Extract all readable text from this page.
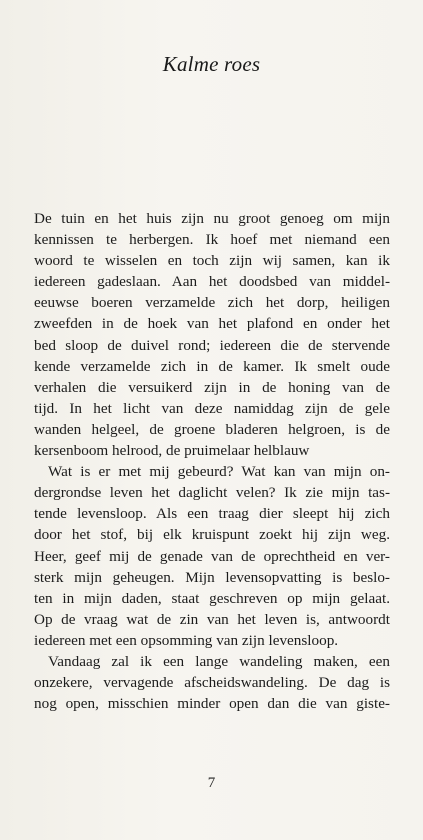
Kalme roes
De tuin en het huis zijn nu groot genoeg om mijn
kennissen te herbergen. Ik hoef met niemand een
woord te wisselen en toch zijn wij samen, kan ik
iedereen gadeslaan. Aan het doodsbed van middel-
eeuwse boeren verzamelde zich het dorp, heiligen
zweefden in de hoek van het plafond en onder het
bed sloop de duivel rond; iedereen die de stervende
kende verzamelde zich in de kamer. Ik smelt oude
verhalen die versuikerd zijn in de honing van de
tijd. In het licht van deze namiddag zijn de gele
wanden helgeel, de groene bladeren helgroen, is de
kersenboom helrood, de pruimelaar helblauw
Wat is er met mij gebeurd? Wat kan van mijn on-
dergrondse leven het daglicht velen? Ik zie mijn tas-
tende levensloop. Als een traag dier sleept hij zich
door het stof, bij elk kruispunt zoekt hij zijn weg.
Heer, geef mij de genade van de oprechtheid en ver-
sterk mijn geheugen. Mijn levensopvatting is beslo-
ten in mijn daden, staat geschreven op mijn gelaat.
Op de vraag wat de zin van het leven is, antwoordt
iedereen met een opsomming van zijn levensloop.
Vandaag zal ik een lange wandeling maken, een
onzekere, vervagende afscheidswandeling. De dag is
nog open, misschien minder open dan die van giste-
7
